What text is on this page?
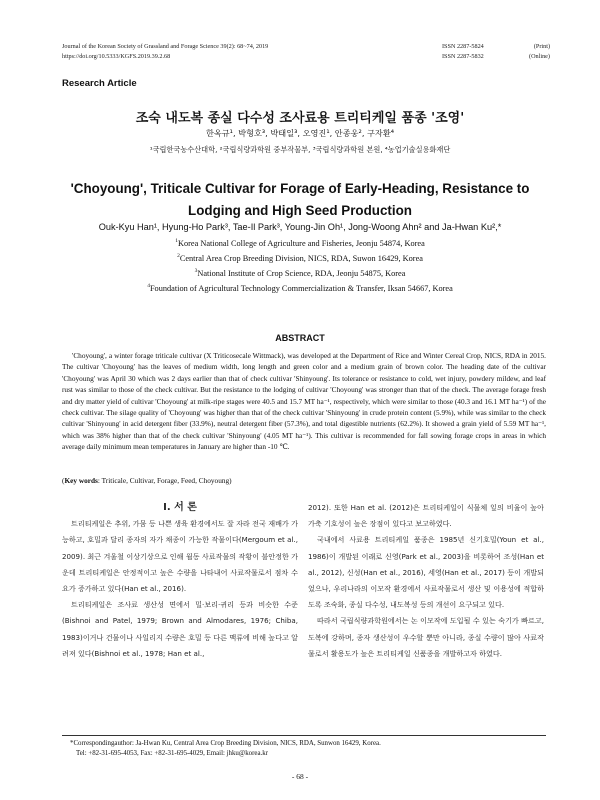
Journal of the Korean Society of Grassland and Forage Science 39(2): 68~74, 2019	ISSN 2287-5824	(Print)
https://doi.org/10.5333/KGFS.2019.39.2.68	ISSN 2287-5832	(Online)
Research Article
조숙 내도복 종실 다수성 조사료용 트리티케일 품종 '조영'
한옥규¹, 박형호³, 박태일³, 오영진¹, 안종웅², 구자환⁴
¹국립한국농수산대학, ²국립식량과학원 중부작물부, ³국립식량과학원 본원, ⁴농업기술실용화재단
'Choyoung', Triticale Cultivar for Forage of Early-Heading, Resistance to Lodging and High Seed Production
Ouk-Kyu Han¹, Hyung-Ho Park³, Tae-Il Park³, Young-Jin Oh¹, Jong-Woong Ahn² and Ja-Hwan Ku²,*
$^1$Korea National College of Agriculture and Fisheries, Jeonju 54874, Korea
$^2$Central Area Crop Breeding Division, NICS, RDA, Suwon 16429, Korea
$^3$National Institute of Crop Science, RDA, Jeonju 54875, Korea
$^4$Foundation of Agricultural Technology Commercialization & Transfer, Iksan 54667, Korea
ABSTRACT

'Choyoung', a winter forage triticale cultivar (X Triticosecale Wittmack), was developed at the Department of Rice and Winter Cereal Crop, NICS, RDA in 2015. The cultivar 'Choyoung' has the leaves of medium width, long length and green color and a medium grain of brown color. The heading date of the cultivar 'Choyoung' was April 30 which was 2 days earlier than that of check cultivar 'Shinyoung'. Its tolerance or resistance to cold, wet injury, powdery mildew, and leaf rust was similar to those of the check cultivar. But the resistance to the lodging of cultivar 'Choyoung' was stronger than that of the check. The average forage fresh and dry matter yield of cultivar 'Choyoung' at milk-ripe stages were 40.5 and 15.7 MT ha⁻¹, respectively, which were similar to those (40.3 and 16.1 MT ha⁻¹) of the check cultivar. The silage quality of 'Choyoung' was higher than that of the check cultivar 'Shinyoung' in crude protein content (5.9%), while was similar to the check cultivar 'Shinyoung' in acid detergent fiber (33.9%), neutral detergent fiber (57.3%), and total digestible nutrients (62.2%). It showed a grain yield of 5.59 MT ha⁻¹, which was 38% higher than that of the check cultivar 'Shinyoung' (4.05 MT ha⁻¹). This cultivar is recommended for fall sowing forage crops in areas in which average daily minimum mean temperatures in January are higher than -10 ℃.

(Key words: Triticale, Cultivar, Forage, Feed, Choyoung)

Ⅰ. 서 론

트리티케일은 추위, 가뭄 등 나쁜 생육 환경에서도 잘 자라 전국 재배가 가능하고, 호밀과 달리 종자의 자가 채종이 가능한 작물이다(Mergoum et al., 2009). 최근 겨울철 이상기상으로 인해 월동 사료작물의 작황이 불안정한 가운데 트리티케일은 안정적이고 높은 수량을 나타내어 사료작물로서 점차 수요가 증가하고 있다(Han et al., 2016).

트리티케일은 조사료 생산성 면에서 밀·보리·귀리 등과 비슷한 수준(Bishnoi and Patel, 1979; Brown and Almodares, 1976; Chiba, 1983)이거나 건물이나 사일리지 수량은 호밀 등 다른 맥류에 비해 높다고 알려져 있다(Bishnoi et al., 1978; Han et al.,

2012). 또한 Han et al. (2012)은 트리티케일이 식물체 잎의 비율이 높아 가축 기호성이 높은 장점이 있다고 보고하였다.

국내에서 사료용 트리티케일 품종은 1985년 신기호밀(Youn et al., 1986)이 개발된 이래로 신영(Park et al., 2003)을 비롯하여 조성(Han et al., 2012), 신성(Han et al., 2016), 세영(Han et al., 2017) 등이 개발되었으나, 우리나라의 이모작 환경에서 사료작물로서 생산 및 이용성에 적합하도록 조숙화, 종실 다수성, 내도복성 등의 개선이 요구되고 있다.

따라서 국립식량과학원에서는 논 이모작에 도입될 수 있는 숙기가 빠르고, 도복에 강하며, 종자 생산성이 우수할 뿐만 아니라, 종실 수량이 많아 사료작물로서 활용도가 높은 트리티케일 신품종을 개발하고자 하였다.

*Correspondingauthor: Ja-Hwan Ku, Central Area Crop Breeding Division, NICS, RDA, Sunwon 16429, Korea.
Tel: +82-31-695-4053, Fax: +82-31-695-4029, Email: jhku@korea.kr
- 68 -
